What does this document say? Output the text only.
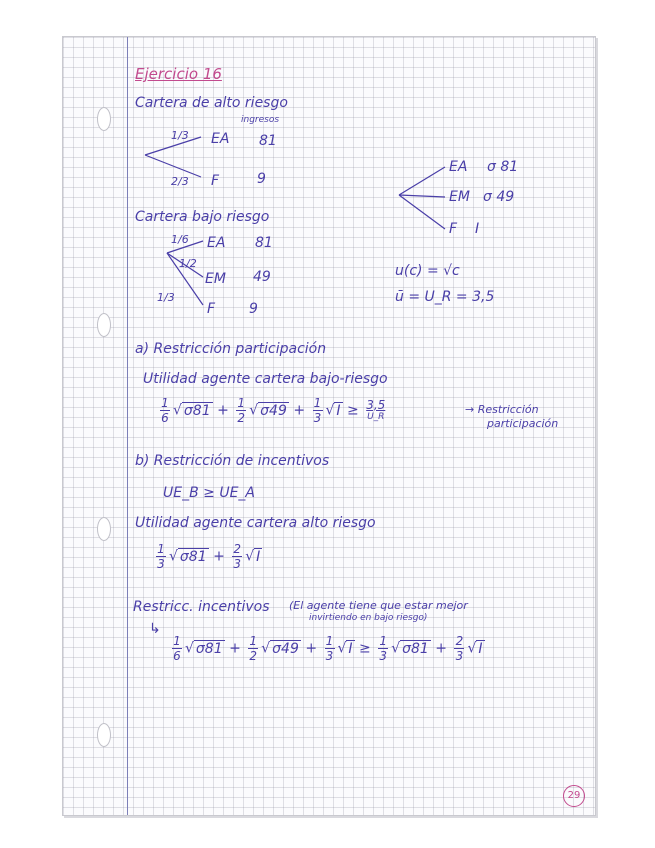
Ejercicio 16
Cartera de alto riesgo
ingresos
1/3 EA 81
2/3 F	9
Cartera bajo riesgo
1/6 EA 81
1/2
EM 49
1/3
F 9
EA σ 81
EM σ 49
F I
u(c) = √c
ū = U_R = 3,5
a) Restricción participación
Utilidad agente cartera bajo-riesgo
$\frac{1}{6}$ √ $\sigma 81 + \frac{1}{2}$ √ $\sigma 49 + \frac{1}{3}$ √ $I \ge \frac{3,5}{U\_R}$	→ Restricción
participación
b) Restricción de incentivos
UE_B ≥ UE_A
Utilidad agente cartera alto riesgo
$\frac{1}{3}$ √ $\sigma 81 + \frac{2}{3}$ √ I
Restricc. incentivos (El agente tiene que estar mejor
invirtiendo en bajo riesgo)
↳
$\frac{1}{6}$ √ $\sigma 81 + \frac{1}{2}$ √ $\sigma 49 + \frac{1}{3}$ √ $I \ge \frac{1}{3}$ √ $\sigma 81 + \frac{2}{3}$ √ I
29
